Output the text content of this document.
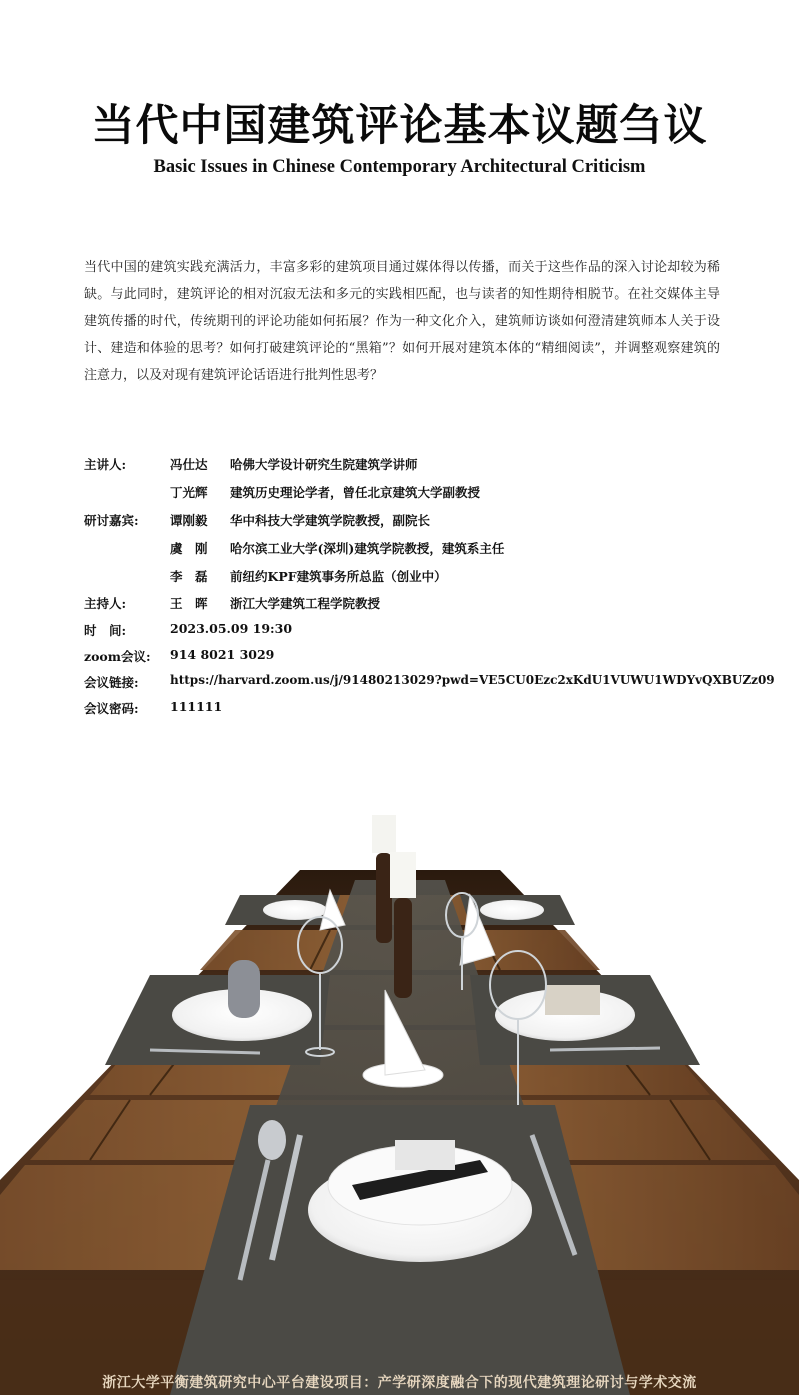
当代中国建筑评论基本议题刍议
Basic Issues in Chinese Contemporary Architectural Criticism
当代中国的建筑实践充满活力，丰富多彩的建筑项目通过媒体得以传播，而关于这些作品的深入讨论却较为稀缺。与此同时，建筑评论的相对沉寂无法和多元的实践相匹配，也与读者的知性期待相脱节。在社交媒体主导建筑传播的时代，传统期刊的评论功能如何拓展？作为一种文化介入，建筑师访谈如何澄清建筑师本人关于设计、建造和体验的思考？如何打破建筑评论的“黑箱”？如何开展对建筑本体的“精细阅读”，并调整观察建筑的注意力，以及对现有建筑评论话语进行批判性思考？
主讲人:	冯仕达 哈佛大学设计研究生院建筑学讲师
丁光辉 建筑历史理论学者，曾任北京建筑大学副教授
研讨嘉宾:	谭刚毅 华中科技大学建筑学院教授，副院长
虞　刚 哈尔滨工业大学(深圳)建筑学院教授，建筑系主任
李　磊 前纽约KPF建筑事务所总监（创业中）
主持人:	王　晖 浙江大学建筑工程学院教授
时　间:	2023.05.09 19:30
zoom会议: 914 8021 3029
会议链接:	https://harvard.zoom.us/j/91480213029?pwd=VE5CU0Ezc2xKdU1VUWU1WDYvQXBUZz09
会议密码:	111111
浙江大学平衡建筑研究中心平台建设项目：产学研深度融合下的现代建筑理论研讨与学术交流
